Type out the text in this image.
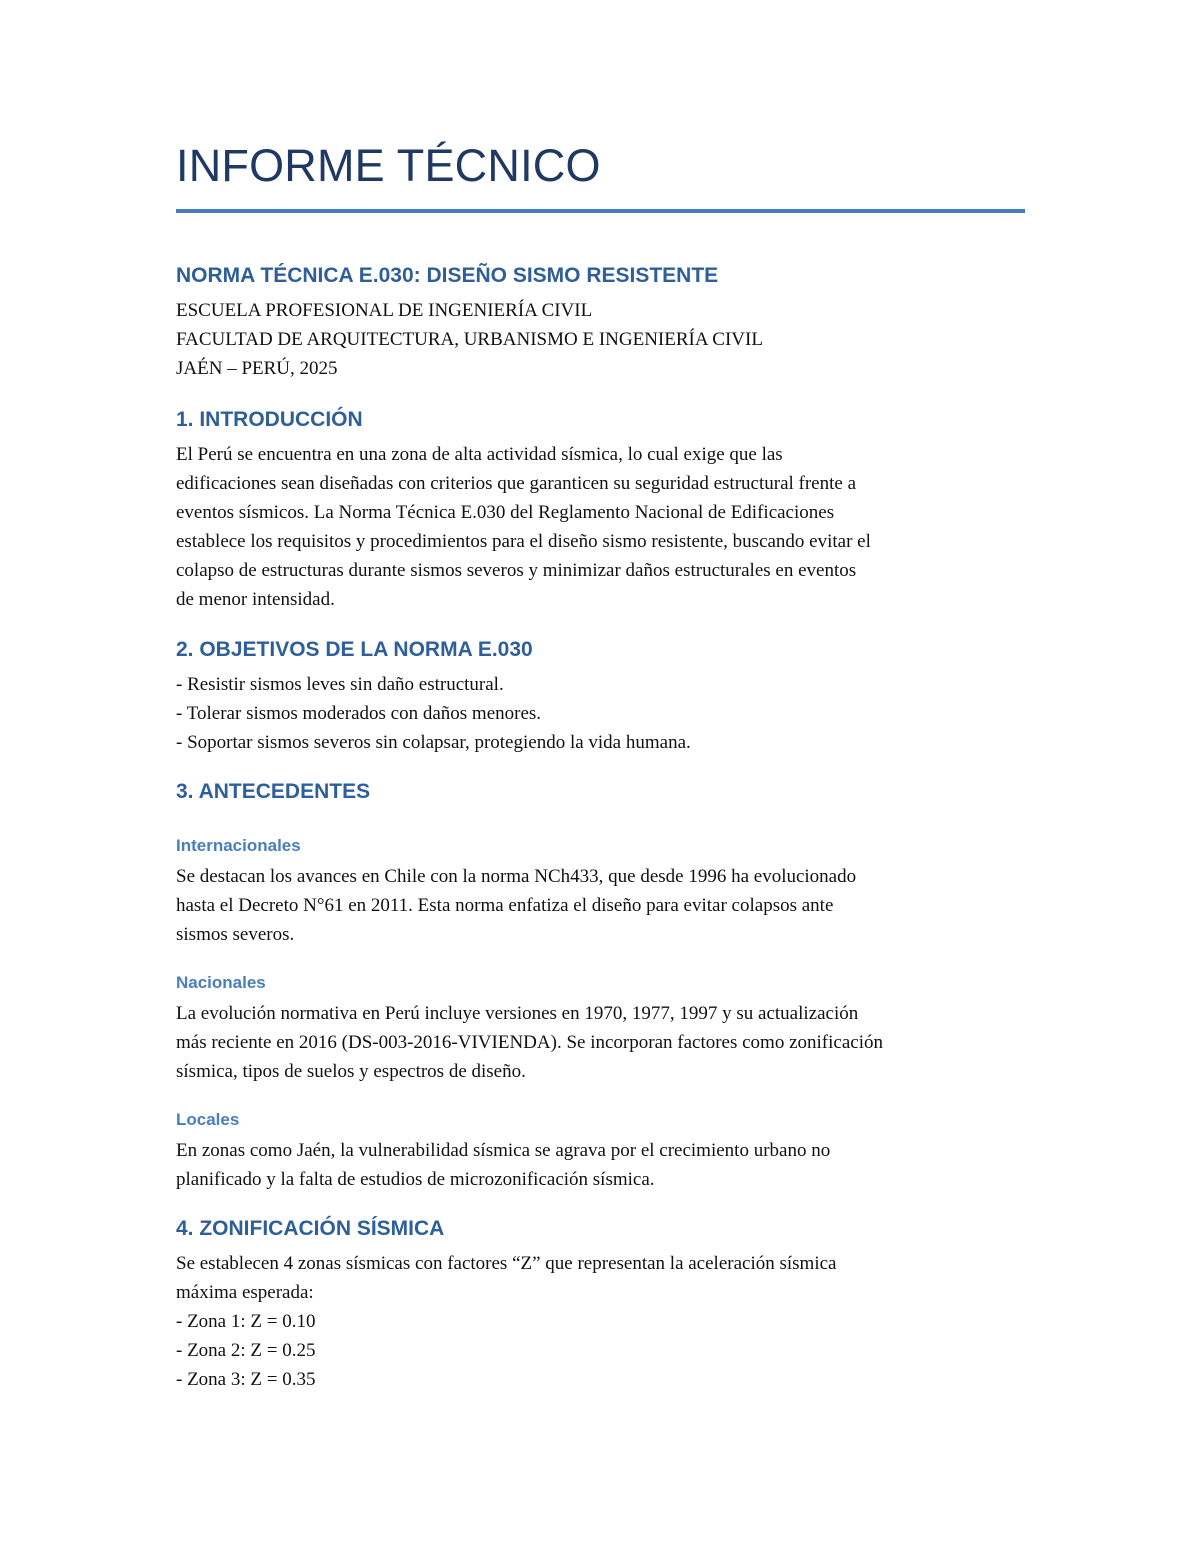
INFORME TÉCNICO
NORMA TÉCNICA E.030: DISEÑO SISMO RESISTENTE
ESCUELA PROFESIONAL DE INGENIERÍA CIVIL
FACULTAD DE ARQUITECTURA, URBANISMO E INGENIERÍA CIVIL
JAÉN – PERÚ, 2025
1. INTRODUCCIÓN
El Perú se encuentra en una zona de alta actividad sísmica, lo cual exige que las
edificaciones sean diseñadas con criterios que garanticen su seguridad estructural frente a
eventos sísmicos. La Norma Técnica E.030 del Reglamento Nacional de Edificaciones
establece los requisitos y procedimientos para el diseño sismo resistente, buscando evitar el
colapso de estructuras durante sismos severos y minimizar daños estructurales en eventos
de menor intensidad.
2. OBJETIVOS DE LA NORMA E.030
- Resistir sismos leves sin daño estructural.
- Tolerar sismos moderados con daños menores.
- Soportar sismos severos sin colapsar, protegiendo la vida humana.
3. ANTECEDENTES
Internacionales
Se destacan los avances en Chile con la norma NCh433, que desde 1996 ha evolucionado
hasta el Decreto N°61 en 2011. Esta norma enfatiza el diseño para evitar colapsos ante
sismos severos.
Nacionales
La evolución normativa en Perú incluye versiones en 1970, 1977, 1997 y su actualización
más reciente en 2016 (DS-003-2016-VIVIENDA). Se incorporan factores como zonificación
sísmica, tipos de suelos y espectros de diseño.
Locales
En zonas como Jaén, la vulnerabilidad sísmica se agrava por el crecimiento urbano no
planificado y la falta de estudios de microzonificación sísmica.
4. ZONIFICACIÓN SÍSMICA
Se establecen 4 zonas sísmicas con factores “Z” que representan la aceleración sísmica
máxima esperada:
- Zona 1: Z = 0.10
- Zona 2: Z = 0.25
- Zona 3: Z = 0.35
